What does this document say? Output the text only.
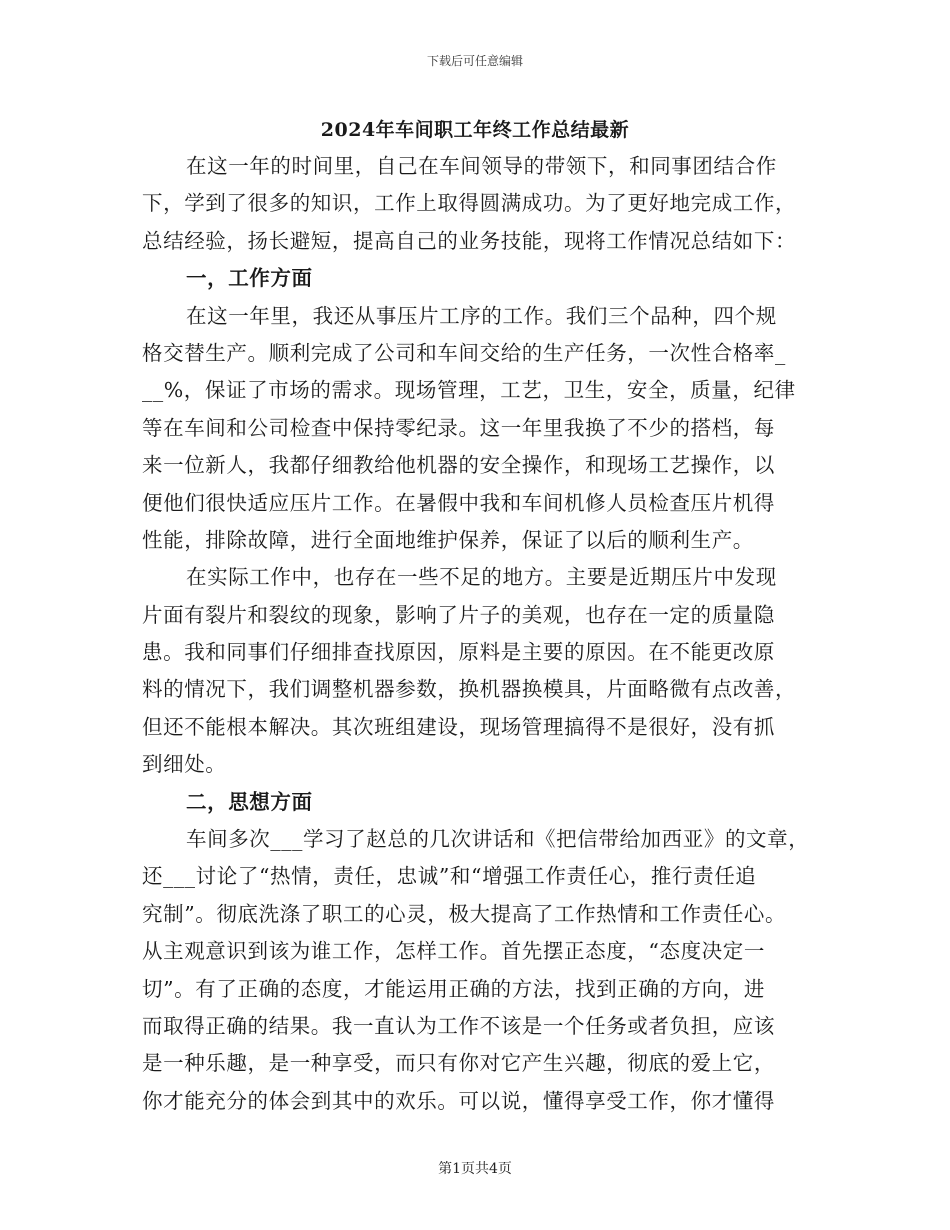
下载后可任意编辑
2024年车间职工年终工作总结最新
在这一年的时间里，自己在车间领导的带领下，和同事团结合作
下，学到了很多的知识，工作上取得圆满成功。为了更好地完成工作，
总结经验，扬长避短，提高自己的业务技能，现将工作情况总结如下：
一，工作方面
在这一年里，我还从事压片工序的工作。我们三个品种，四个规
格交替生产。顺利完成了公司和车间交给的生产任务，一次性合格率_
__%，保证了市场的需求。现场管理，工艺，卫生，安全，质量，纪律
等在车间和公司检查中保持零纪录。这一年里我换了不少的搭档，每
来一位新人，我都仔细教给他机器的安全操作，和现场工艺操作，以
便他们很快适应压片工作。在暑假中我和车间机修人员检查压片机得
性能，排除故障，进行全面地维护保养，保证了以后的顺利生产。
在实际工作中，也存在一些不足的地方。主要是近期压片中发现
片面有裂片和裂纹的现象，影响了片子的美观，也存在一定的质量隐
患。我和同事们仔细排查找原因，原料是主要的原因。在不能更改原
料的情况下，我们调整机器参数，换机器换模具，片面略微有点改善，
但还不能根本解决。其次班组建设，现场管理搞得不是很好，没有抓
到细处。
二，思想方面
车间多次___学习了赵总的几次讲话和《把信带给加西亚》的文章，
还___讨论了“热情，责任，忠诚”和“增强工作责任心，推行责任追
究制”。彻底洗涤了职工的心灵，极大提高了工作热情和工作责任心。
从主观意识到该为谁工作，怎样工作。首先摆正态度，“态度决定一
切”。有了正确的态度，才能运用正确的方法，找到正确的方向，进
而取得正确的结果。我一直认为工作不该是一个任务或者负担，应该
是一种乐趣，是一种享受，而只有你对它产生兴趣，彻底的爱上它，
你才能充分的体会到其中的欢乐。可以说，懂得享受工作，你才懂得
第1页共4页
